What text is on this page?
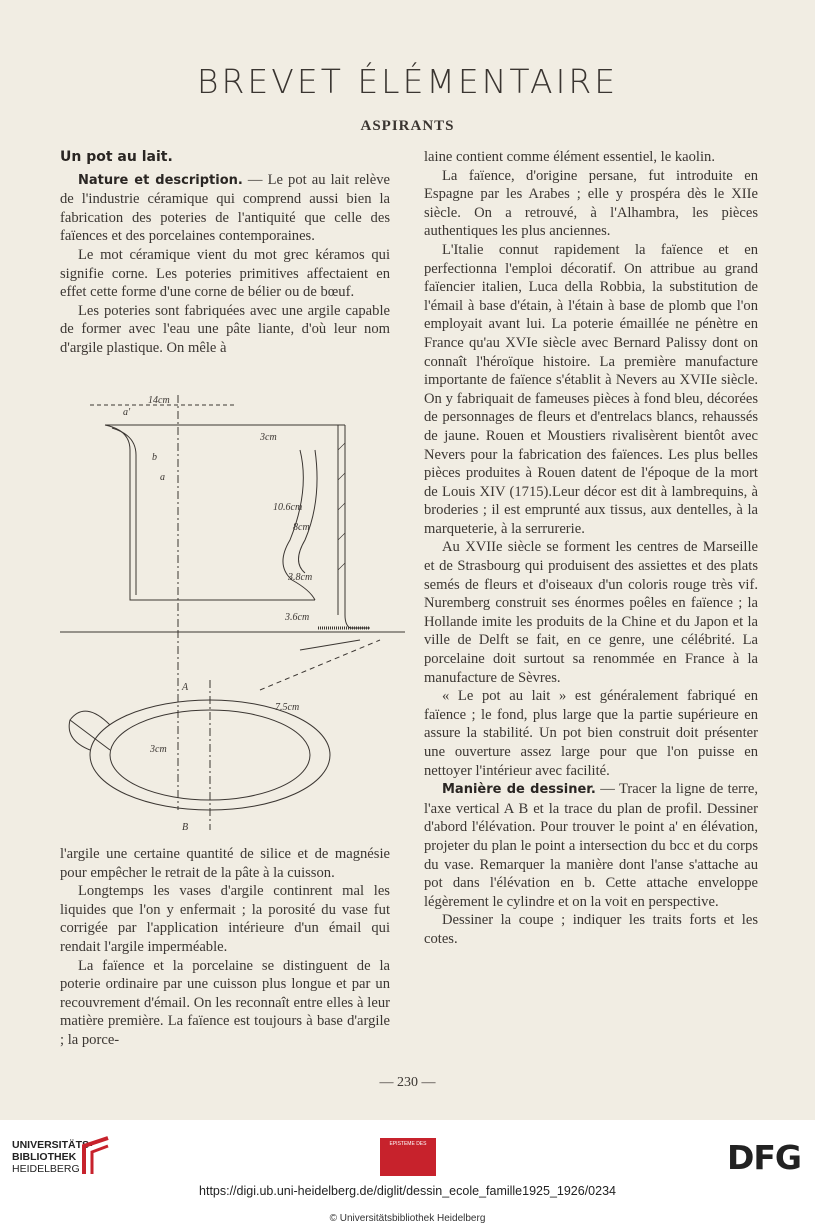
BREVET ÉLÉMENTAIRE
ASPIRANTS
Un pot au lait.

Nature et description. — Le pot au lait relève de l'industrie céramique qui comprend aussi bien la fabrication des poteries de l'antiquité que celle des faïences et des porcelaines contemporaines.

Le mot céramique vient du mot grec kéramos qui signifie corne. Les poteries primitives affectaient en effet cette forme d'une corne de bélier ou de bœuf.

Les poteries sont fabriquées avec une argile capable de former avec l'eau une pâte liante, d'où leur nom d'argile plastique. On mêle à

14cm
3cm
10.6cm
8cm
3.8cm
3.6cm
7.5cm
3cm
a'
b
a
A
B

l'argile une certaine quantité de silice et de magnésie pour empêcher le retrait de la pâte à la cuisson.

Longtemps les vases d'argile continrent mal les liquides que l'on y enfermait ; la porosité du vase fut corrigée par l'application intérieure d'un émail qui rendait l'argile imperméable.

La faïence et la porcelaine se distinguent de la poterie ordinaire par une cuisson plus longue et par un recouvrement d'émail. On les reconnaît entre elles à leur matière première. La faïence est toujours à base d'argile ; la porce-

laine contient comme élément essentiel, le kaolin.

La faïence, d'origine persane, fut introduite en Espagne par les Arabes ; elle y prospéra dès le XIIe siècle. On a retrouvé, à l'Alhambra, les pièces authentiques les plus anciennes.

L'Italie connut rapidement la faïence et en perfectionna l'emploi décoratif. On attribue au grand faïencier italien, Luca della Robbia, la substitution de l'émail à base d'étain, à l'étain à base de plomb que l'on employait avant lui. La poterie émaillée ne pénètre en France qu'au XVIe siècle avec Bernard Palissy dont on connaît l'héroïque histoire. La première manufacture importante de faïence s'établit à Nevers au XVIIe siècle. On y fabriquait de fameuses pièces à fond bleu, décorées de personnages de fleurs et d'entrelacs blancs, rehaussés de jaune. Rouen et Moustiers rivalisèrent bientôt avec Nevers pour la fabrication des faïences. Les plus belles pièces produites à Rouen datent de l'époque de la mort de Louis XIV (1715).Leur décor est dit à lambrequins, à broderies ; il est emprunté aux tissus, aux dentelles, à la marqueterie, à la serrurerie.

Au XVIIe siècle se forment les centres de Marseille et de Strasbourg qui produisent des assiettes et des plats semés de fleurs et d'oiseaux d'un coloris rouge très vif. Nuremberg construit ses énormes poêles en faïence ; la Hollande imite les produits de la Chine et du Japon et la ville de Delft se fait, en ce genre, une célébrité. La porcelaine doit surtout sa renommée en France à la manufacture de Sèvres.

« Le pot au lait » est généralement fabriqué en faïence ; le fond, plus large que la partie supérieure en assure la stabilité. Un pot bien construit doit présenter une ouverture assez large pour que l'on puisse en nettoyer l'intérieur avec facilité.

Manière de dessiner. — Tracer la ligne de terre, l'axe vertical A B et la trace du plan de profil. Dessiner d'abord l'élévation. Pour trouver le point a' en élévation, projeter du plan le point a intersection du bcc et du corps du vase. Remarquer la manière dont l'anse s'attache au pot dans l'élévation en b. Cette attache enveloppe légèrement le cylindre et on la voit en perspective.

Dessiner la coupe ; indiquer les traits forts et les cotes.

— 230 —
UNIVERSITÄTS-
BIBLIOTHEK
HEIDELBERG
EPISTEME DES	DFG
https://digi.ub.uni-heidelberg.de/diglit/dessin_ecole_famille1925_1926/0234
© Universitätsbibliothek Heidelberg
